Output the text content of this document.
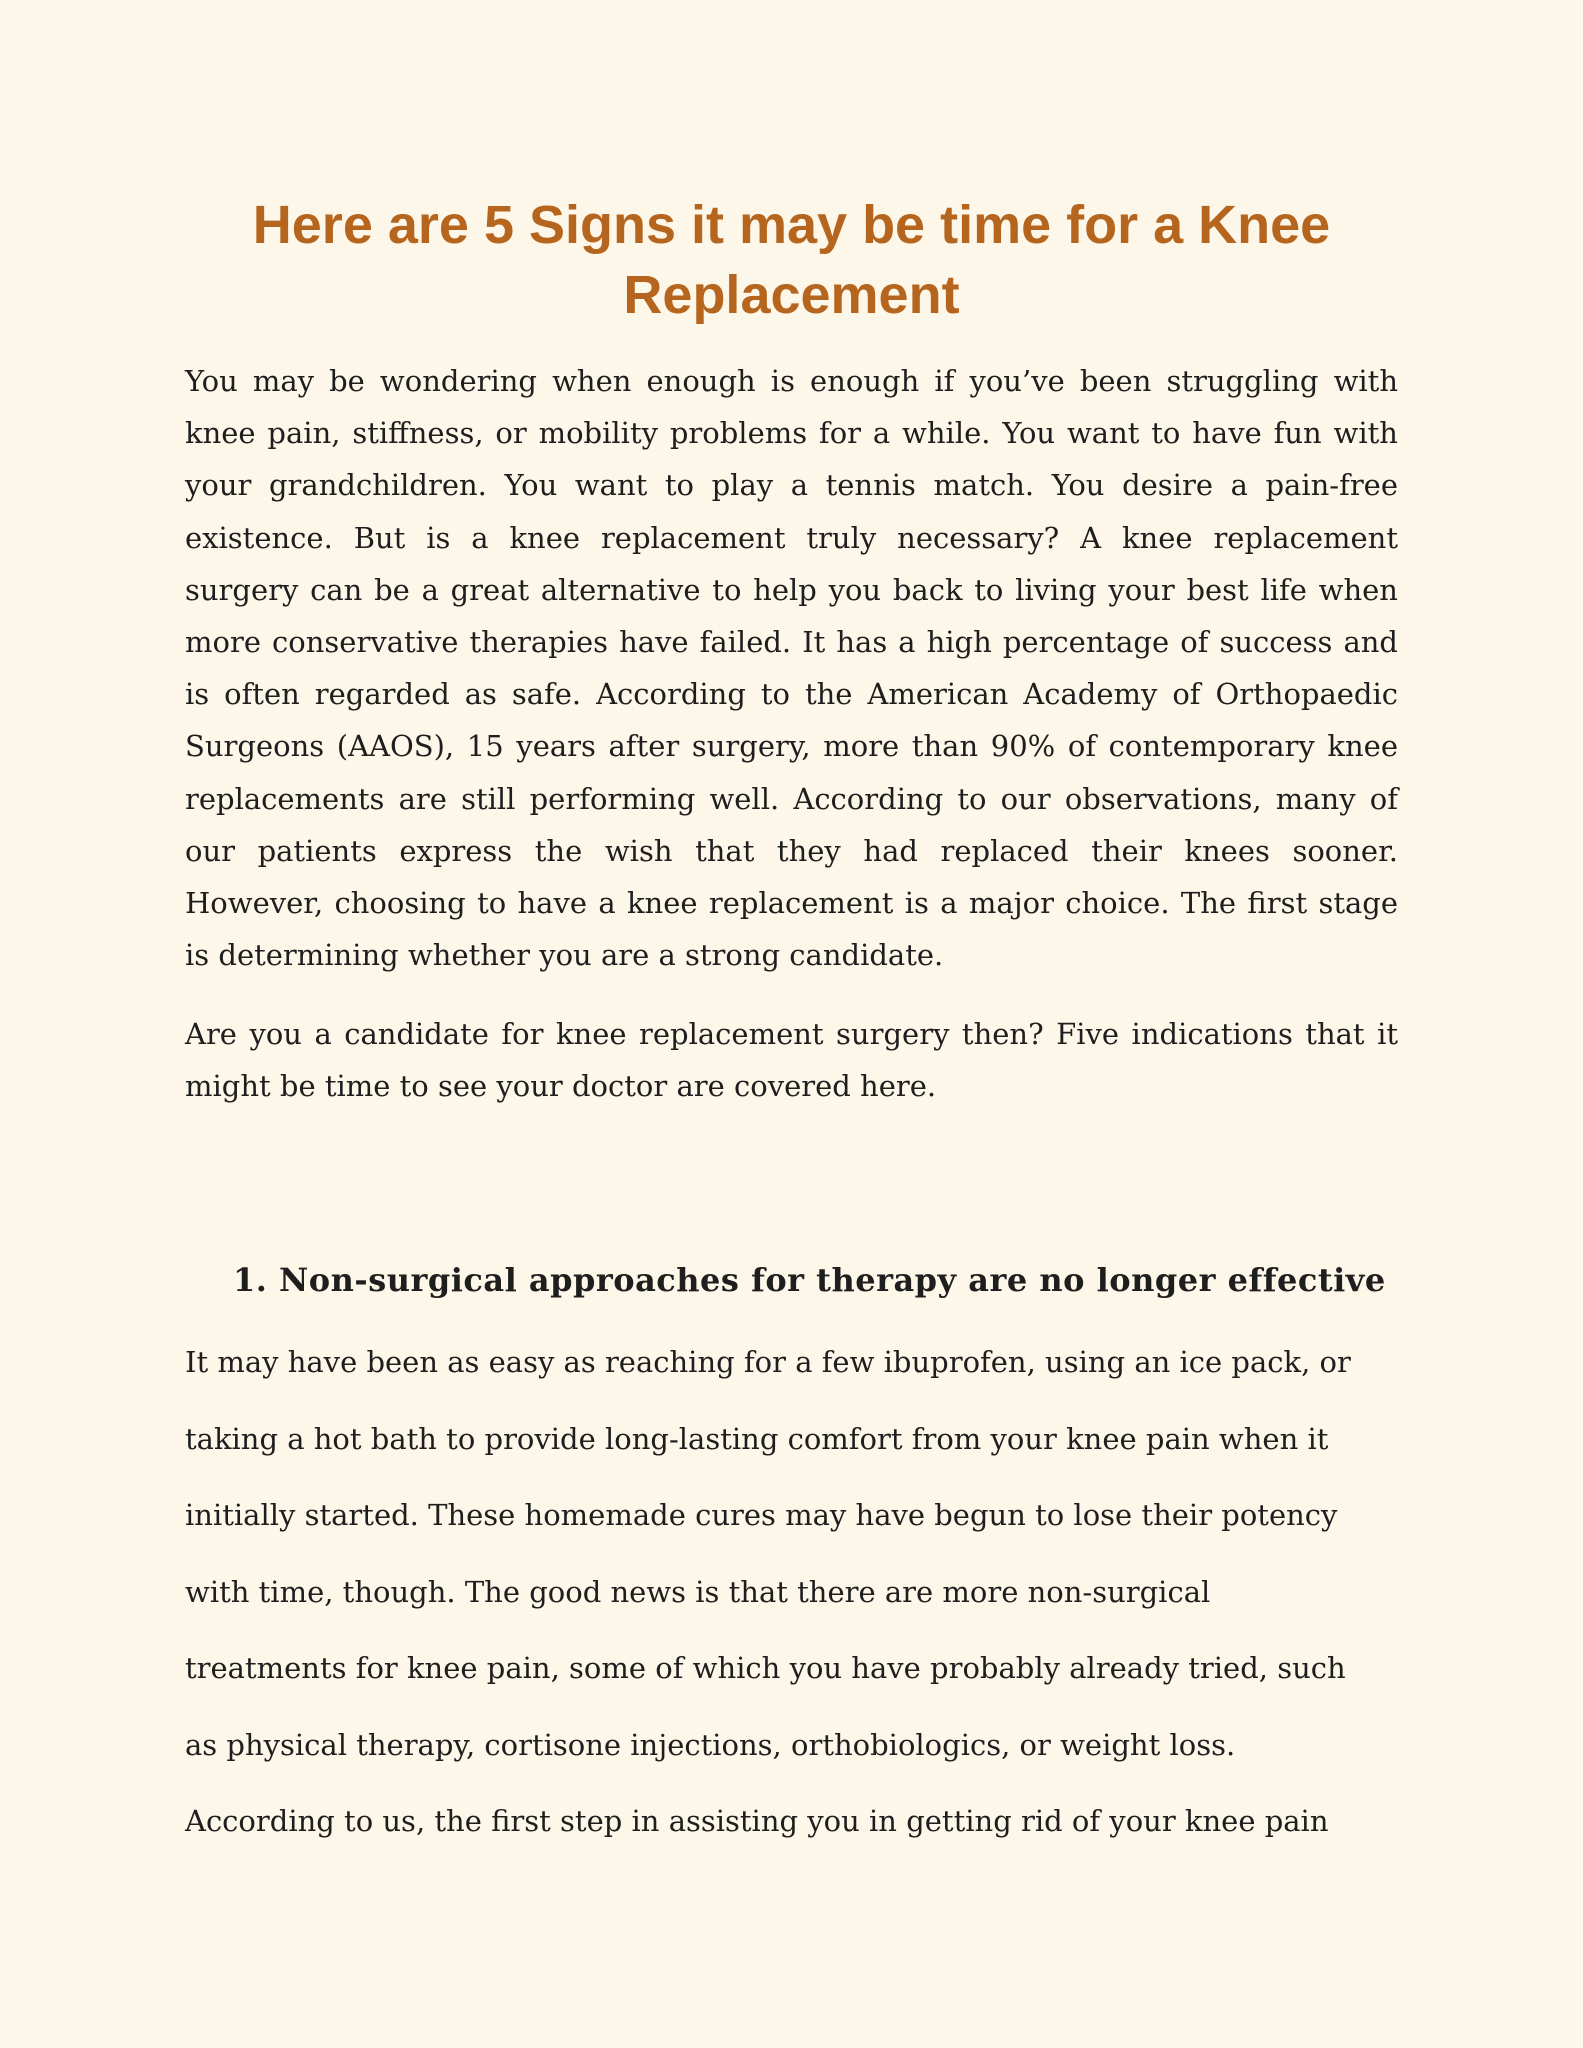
Here are 5 Signs it may be time for a Knee Replacement

You may be wondering when enough is enough if you’ve been struggling with knee pain, stiffness, or mobility problems for a while. You want to have fun with your grandchildren. You want to play a tennis match. You desire a pain-free existence. But is a knee replacement truly necessary? A knee replacement surgery can be a great alternative to help you back to living your best life when more conservative therapies have failed. It has a high percentage of success and is often regarded as safe. According to the American Academy of Orthopaedic Surgeons (AAOS), 15 years after surgery, more than 90% of contemporary knee replacements are still performing well. According to our observations, many of our patients express the wish that they had replaced their knees sooner. However, choosing to have a knee replacement is a major choice. The first stage is determining whether you are a strong candidate.

Are you a candidate for knee replacement surgery then? Five indications that it might be time to see your doctor are covered here.

1. Non-surgical approaches for therapy are no longer effective
It may have been as easy as reaching for a few ibuprofen, using an ice pack, or
taking a hot bath to provide long-lasting comfort from your knee pain when it
initially started. These homemade cures may have begun to lose their potency
with time, though. The good news is that there are more non-surgical
treatments for knee pain, some of which you have probably already tried, such
as physical therapy, cortisone injections, orthobiologics, or weight loss.
According to us, the first step in assisting you in getting rid of your knee pain
